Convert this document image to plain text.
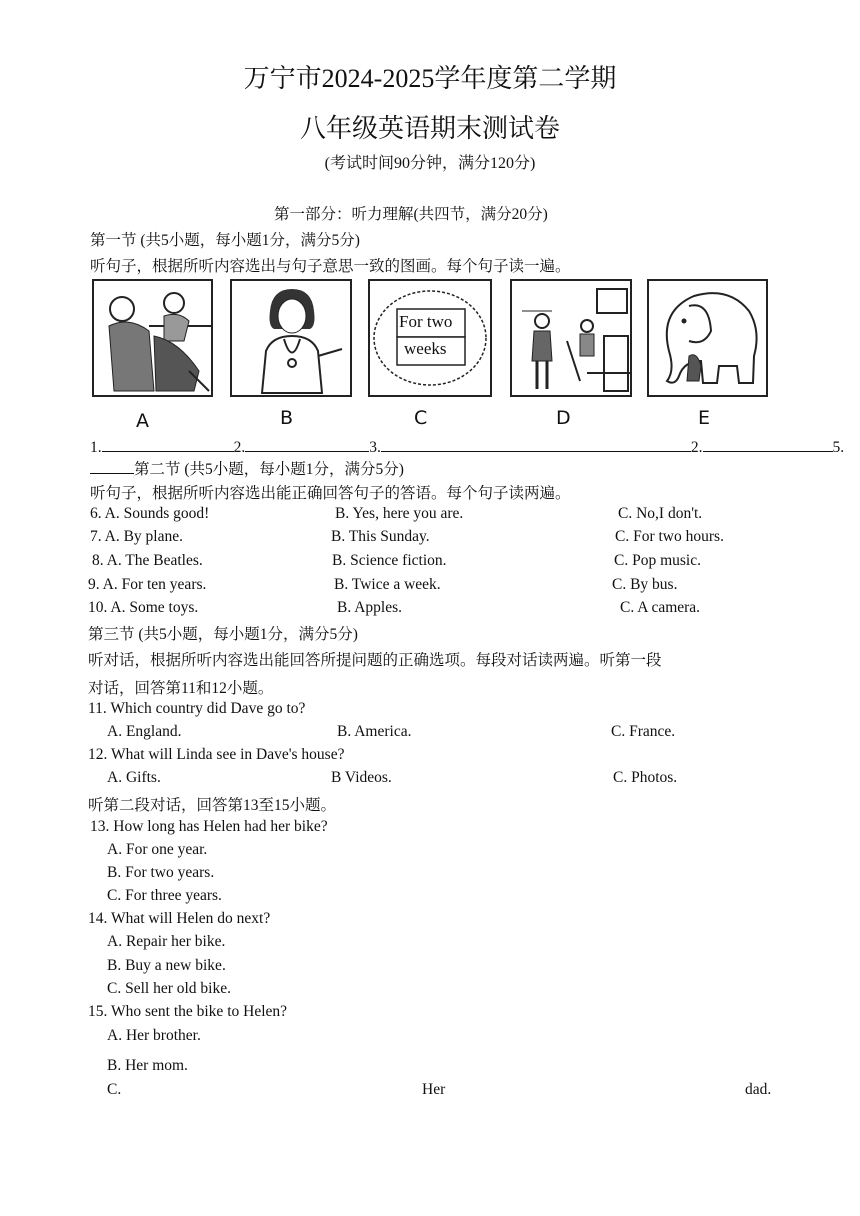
万宁市2024-2025学年度第二学期
八年级英语期末测试卷
(考试时间90分钟，满分120分)
第一部分：听力理解(共四节，满分20分)
第一节 (共5小题，每小题1分，满分5分)
听句子，根据所听内容选出与句子意思一致的图画。每个句子读一遍。
For two
weeks
A	B	C	D	E
1.	2.	3.	2.	5.
第二节 (共5小题，每小题1分，满分5分)
听句子，根据所听内容选出能正确回答句子的答语。每个句子读两遍。
6. A. Sounds good!	B. Yes, here you are.	C. No,I don't.
7. A. By plane.	B. This Sunday.	C. For two hours.
8. A. The Beatles.	B. Science fiction.	C. Pop music.
9. A. For ten years.	B. Twice a week.	C. By bus.
10. A. Some toys.	B. Apples.	C. A camera.
第三节 (共5小题，每小题1分，满分5分)
听对话，根据所听内容选出能回答所提问题的正确选项。每段对话读两遍。听第一段
对话，回答第11和12小题。
11. Which country did Dave go to?
A. England.	B. America.	C. France.
12. What will Linda see in Dave's house?
A. Gifts.	B Videos.	C. Photos.
听第二段对话，回答第13至15小题。
13. How long has Helen had her bike?
A. For one year.
B. For two years.
C. For three years.
14. What will Helen do next?
A. Repair her bike.
B. Buy a new bike.
C. Sell her old bike.
15. Who sent the bike to Helen?
A. Her brother.
B. Her mom.
C.	Her	dad.
